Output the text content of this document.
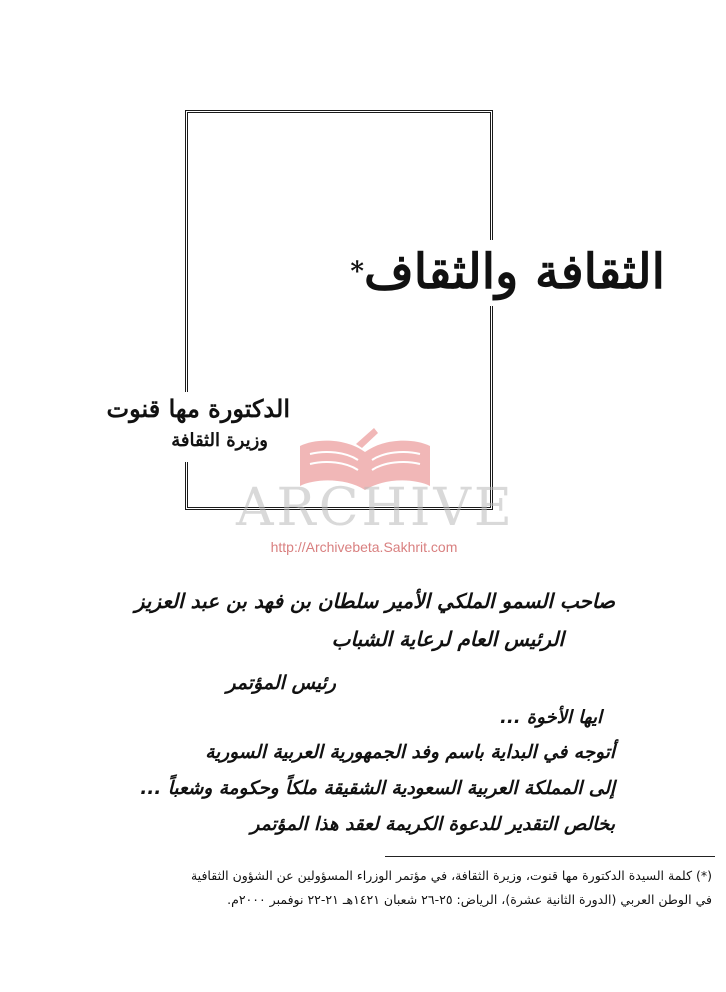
الثقافة والثقاف*
الدكتورة مها قنوت
وزيرة الثقافة
ARCHIVE
http://Archivebeta.Sakhrit.com
صاحب السمو الملكي الأمير سلطان بن فهد بن عبد العزيز
الرئيس العام لرعاية الشباب
رئيس المؤتمر
ايها الأخوة ...
أتوجه في البداية باسم وفد الجمهورية العربية السورية
إلى المملكة العربية السعودية الشقيقة ملكاً وحكومة وشعباً ...
بخالص التقدير للدعوة الكريمة لعقد هذا المؤتمر
(*) كلمة السيدة الدكتورة مها قنوت، وزيرة الثقافة، في مؤتمر الوزراء المسؤولين عن الشؤون الثقافية
في الوطن العربي (الدورة الثانية عشرة)، الرياض: ٢٥-٢٦ شعبان ١٤٢١هـ ٢١-٢٢ نوفمبر ٢٠٠٠م.
